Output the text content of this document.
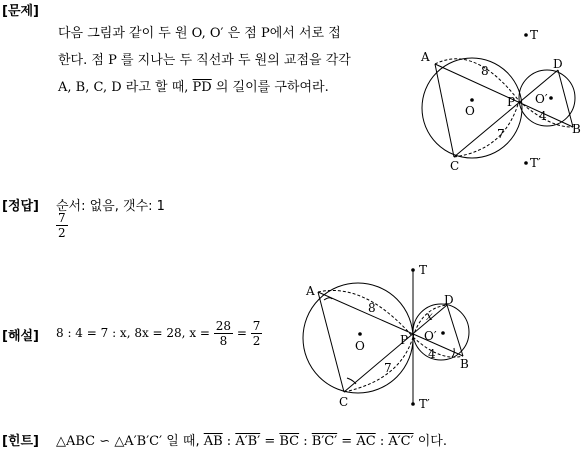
[문제]
다음 그림과 같이 두 원 O, O′ 은 점 P에서 서로 접
한다. 점 P 를 지나는 두 직선과 두 원의 교점을 각각
A, B, C, D 라고 할 때, $\overline{PD}$ 의 길이를 구하여라.
A
B
C
D
P
O
O′
T
T′
8
4
7
[정답] 순서: 없음, 갯수: 1
$\frac{7}{2}$
[해설] 8 : 4 = 7 : x, 8x = 28, $x = \frac{28}{8} = \frac{7}{2}$
A
B
C
D
P
O
O′
T
T′
8
4
7
x
[힌트] △ABC ∽ △A′B′C′ 일 때, $\overline{AB}$ : $A'B' = \overline{BC}$ : $B'C' = \overline{AC}$ : A′C′ 이다.
